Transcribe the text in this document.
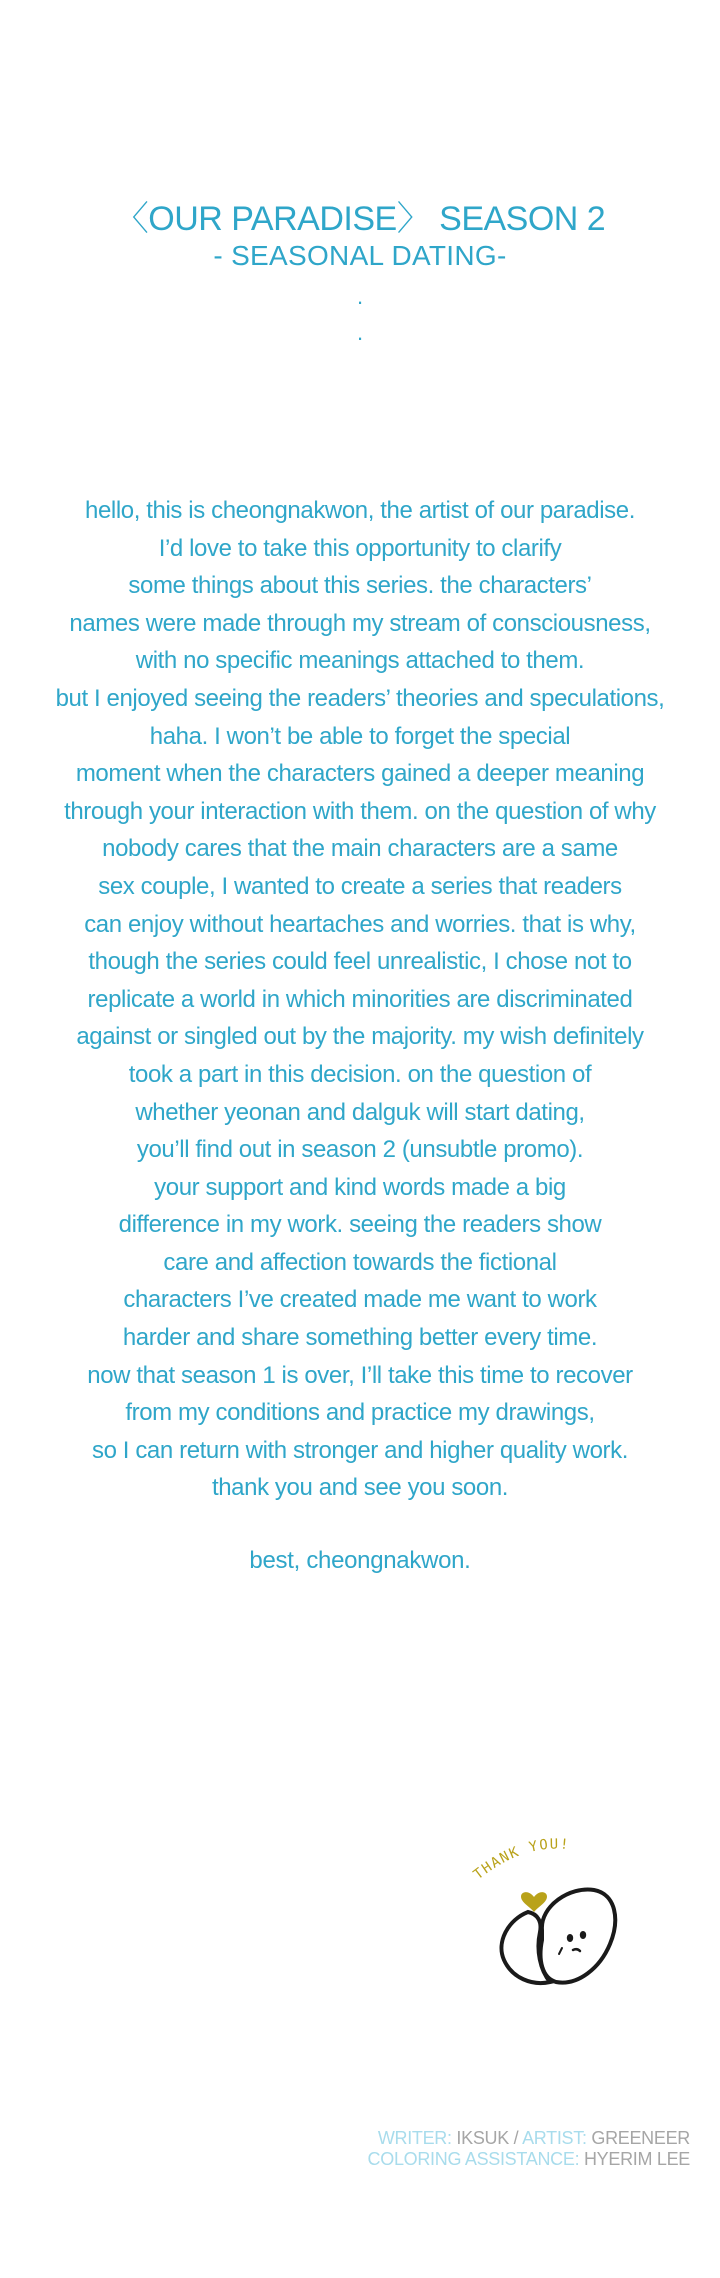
〈OUR PARADISE〉 SEASON 2
- SEASONAL DATING-
.
.
hello, this is cheongnakwon, the artist of our paradise.
I’d love to take this opportunity to clarify
some things about this series. the characters’
names were made through my stream of consciousness,
with no specific meanings attached to them.
but I enjoyed seeing the readers’ theories and speculations,
haha. I won’t be able to forget the special
moment when the characters gained a deeper meaning
through your interaction with them. on the question of why
nobody cares that the main characters are a same
sex couple, I wanted to create a series that readers
can enjoy without heartaches and worries. that is why,
though the series could feel unrealistic, I chose not to
replicate a world in which minorities are discriminated
against or singled out by the majority. my wish definitely
took a part in this decision. on the question of
whether yeonan and dalguk will start dating,
you’ll find out in season 2 (unsubtle promo).
your support and kind words made a big
difference in my work. seeing the readers show
care and affection towards the fictional
characters I’ve created made me want to work
harder and share something better every time.
now that season 1 is over, I’ll take this time to recover
from my conditions and practice my drawings,
so I can return with stronger and higher quality work.
thank you and see you soon.
best, cheongnakwon.
THANK YOU!
WRITER: IKSUK / ARTIST: GREENEER
COLORING ASSISTANCE: HYERIM LEE
